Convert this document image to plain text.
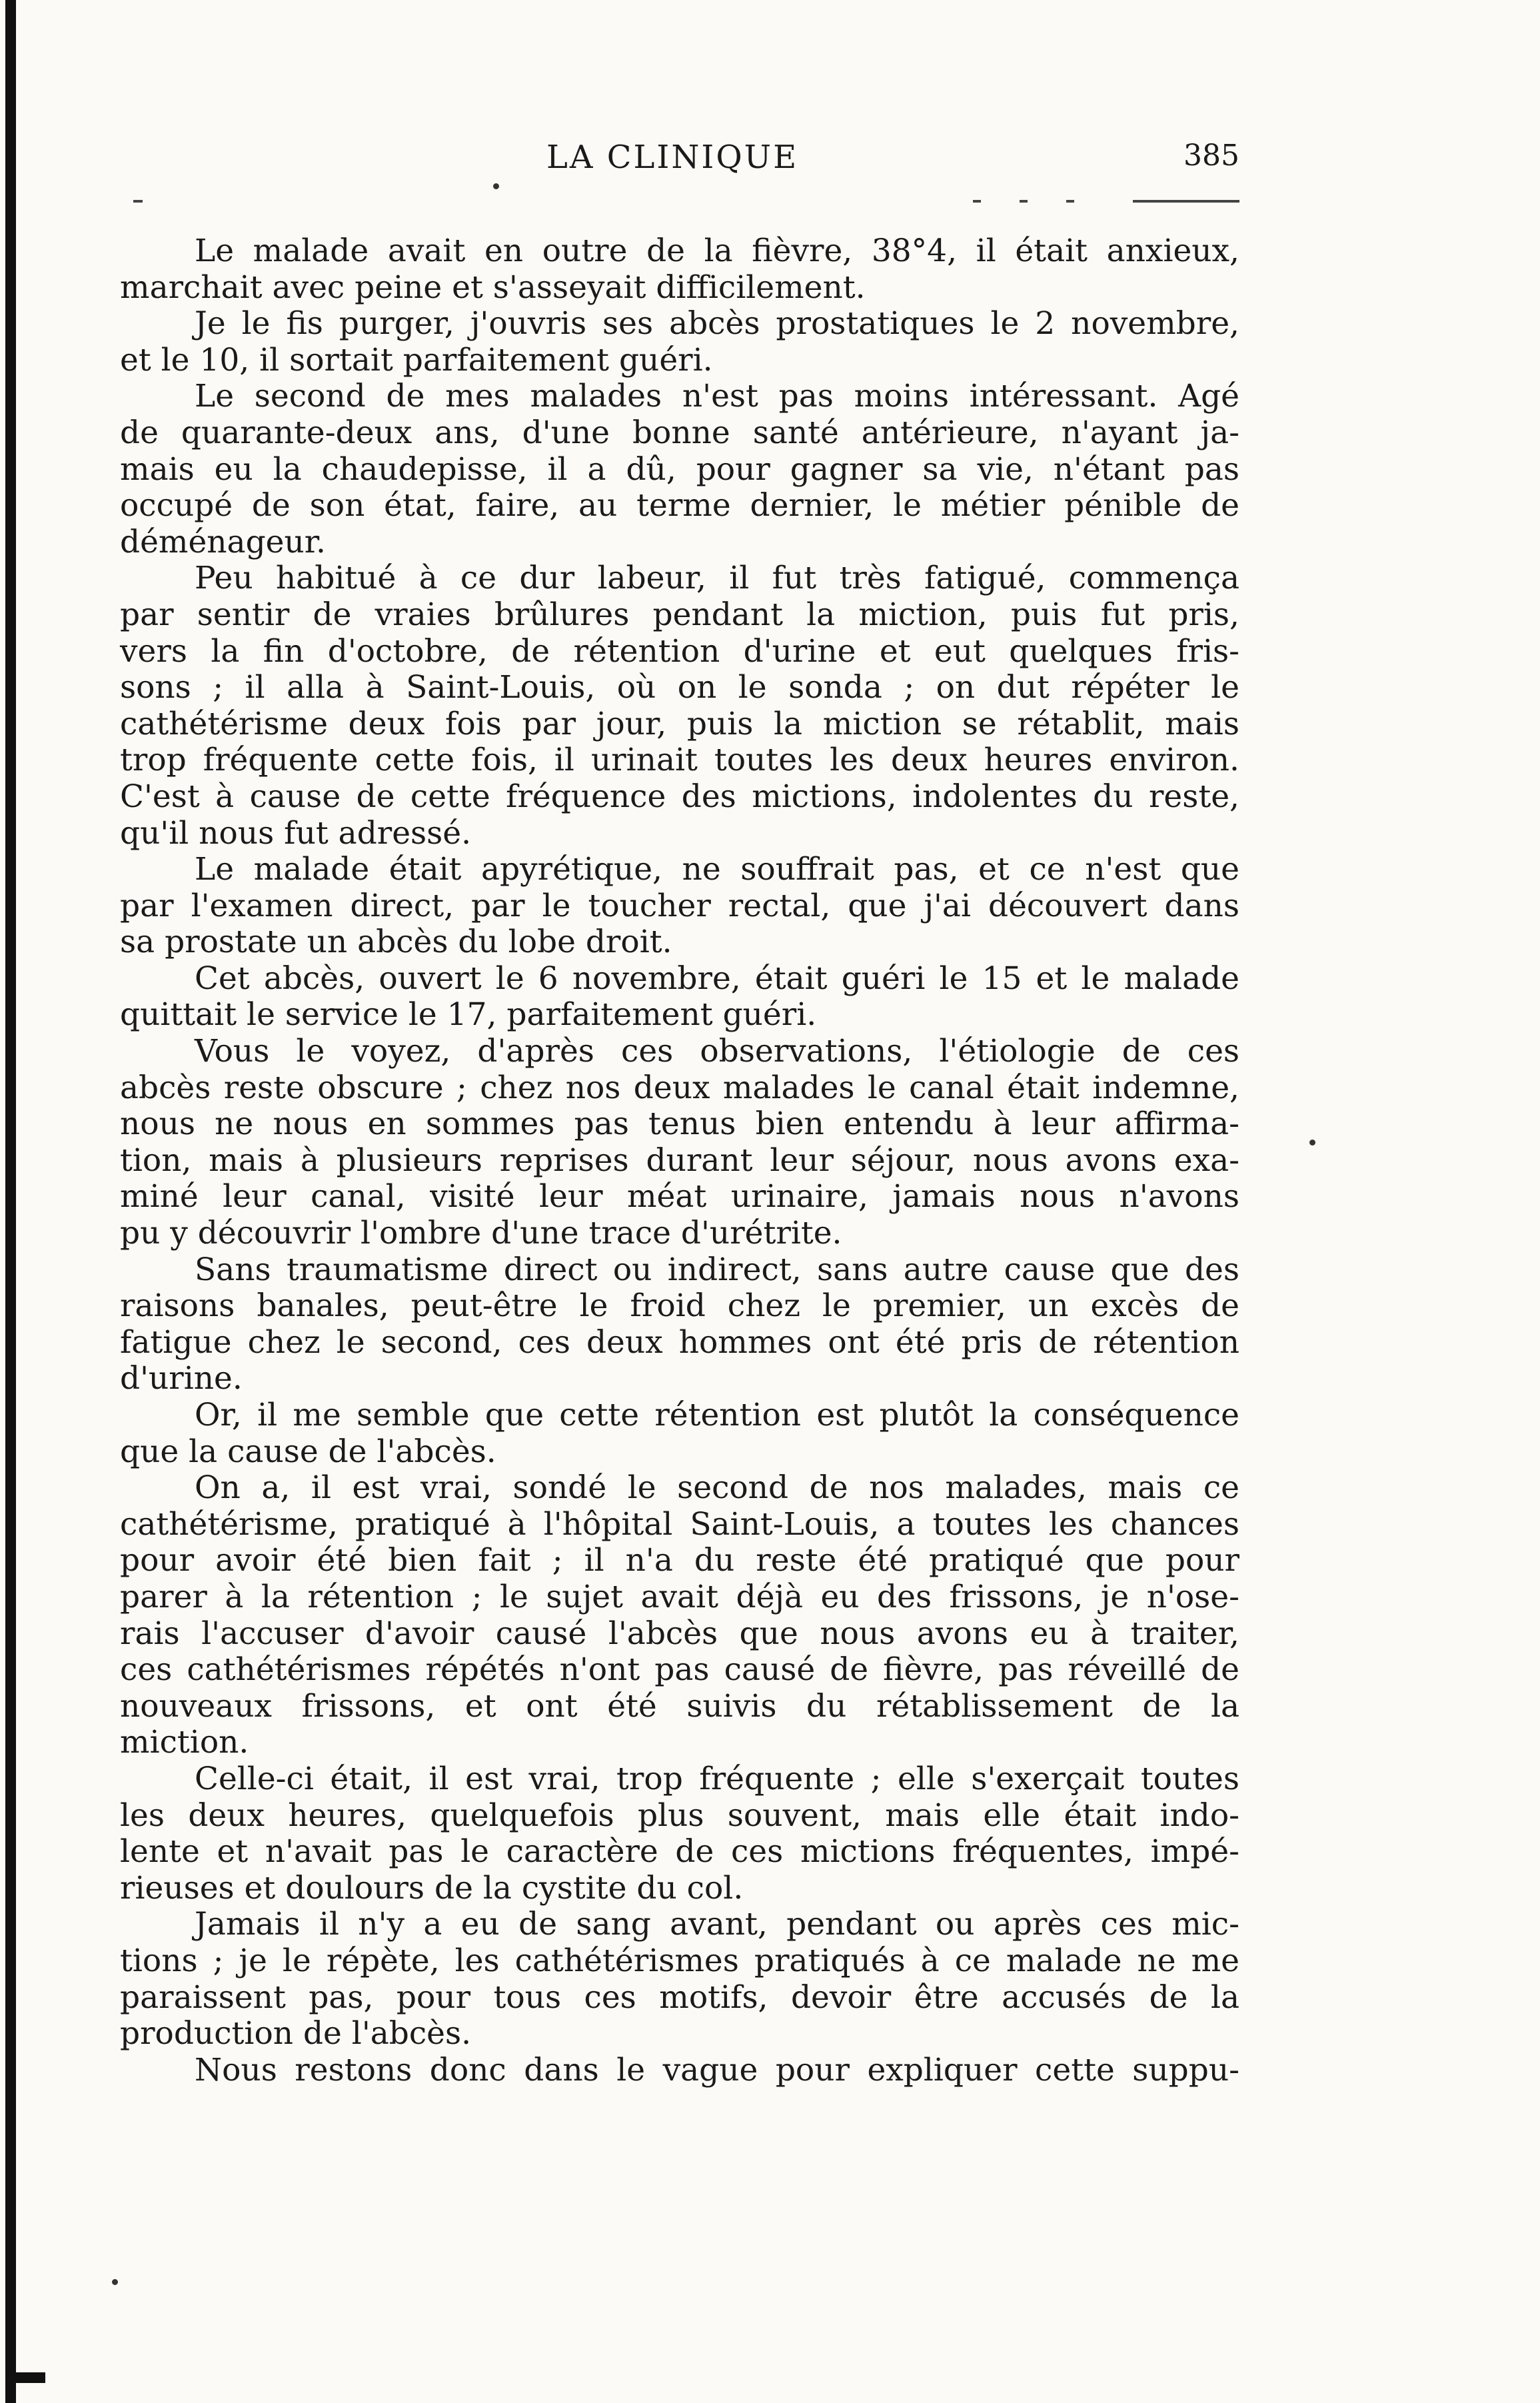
LA CLINIQUE	385
Le malade avait en outre de la fièvre, 38°4, il était anxieux,
marchait avec peine et s'asseyait difficilement.
Je le fis purger, j'ouvris ses abcès prostatiques le 2 novembre,
et le 10, il sortait parfaitement guéri.
Le second de mes malades n'est pas moins intéressant. Agé
de quarante-deux ans, d'une bonne santé antérieure, n'ayant ja-
mais eu la chaudepisse, il a dû, pour gagner sa vie, n'étant pas
occupé de son état, faire, au terme dernier, le métier pénible de
déménageur.
Peu habitué à ce dur labeur, il fut très fatigué, commença
par sentir de vraies brûlures pendant la miction, puis fut pris,
vers la fin d'octobre, de rétention d'urine et eut quelques fris-
sons ; il alla à Saint-Louis, où on le sonda ; on dut répéter le
cathétérisme deux fois par jour, puis la miction se rétablit, mais
trop fréquente cette fois, il urinait toutes les deux heures environ.
C'est à cause de cette fréquence des mictions, indolentes du reste,
qu'il nous fut adressé.
Le malade était apyrétique, ne souffrait pas, et ce n'est que
par l'examen direct, par le toucher rectal, que j'ai découvert dans
sa prostate un abcès du lobe droit.
Cet abcès, ouvert le 6 novembre, était guéri le 15 et le malade
quittait le service le 17, parfaitement guéri.
Vous le voyez, d'après ces observations, l'étiologie de ces
abcès reste obscure ; chez nos deux malades le canal était indemne,
nous ne nous en sommes pas tenus bien entendu à leur affirma-
tion, mais à plusieurs reprises durant leur séjour, nous avons exa-
miné leur canal, visité leur méat urinaire, jamais nous n'avons
pu y découvrir l'ombre d'une trace d'urétrite.
Sans traumatisme direct ou indirect, sans autre cause que des
raisons banales, peut-être le froid chez le premier, un excès de
fatigue chez le second, ces deux hommes ont été pris de rétention
d'urine.
Or, il me semble que cette rétention est plutôt la conséquence
que la cause de l'abcès.
On a, il est vrai, sondé le second de nos malades, mais ce
cathétérisme, pratiqué à l'hôpital Saint-Louis, a toutes les chances
pour avoir été bien fait ; il n'a du reste été pratiqué que pour
parer à la rétention ; le sujet avait déjà eu des frissons, je n'ose-
rais l'accuser d'avoir causé l'abcès que nous avons eu à traiter,
ces cathétérismes répétés n'ont pas causé de fièvre, pas réveillé de
nouveaux frissons, et ont été suivis du rétablissement de la
miction.
Celle-ci était, il est vrai, trop fréquente ; elle s'exerçait toutes
les deux heures, quelquefois plus souvent, mais elle était indo-
lente et n'avait pas le caractère de ces mictions fréquentes, impé-
rieuses et doulours de la cystite du col.
Jamais il n'y a eu de sang avant, pendant ou après ces mic-
tions ; je le répète, les cathétérismes pratiqués à ce malade ne me
paraissent pas, pour tous ces motifs, devoir être accusés de la
production de l'abcès.
Nous restons donc dans le vague pour expliquer cette suppu-
